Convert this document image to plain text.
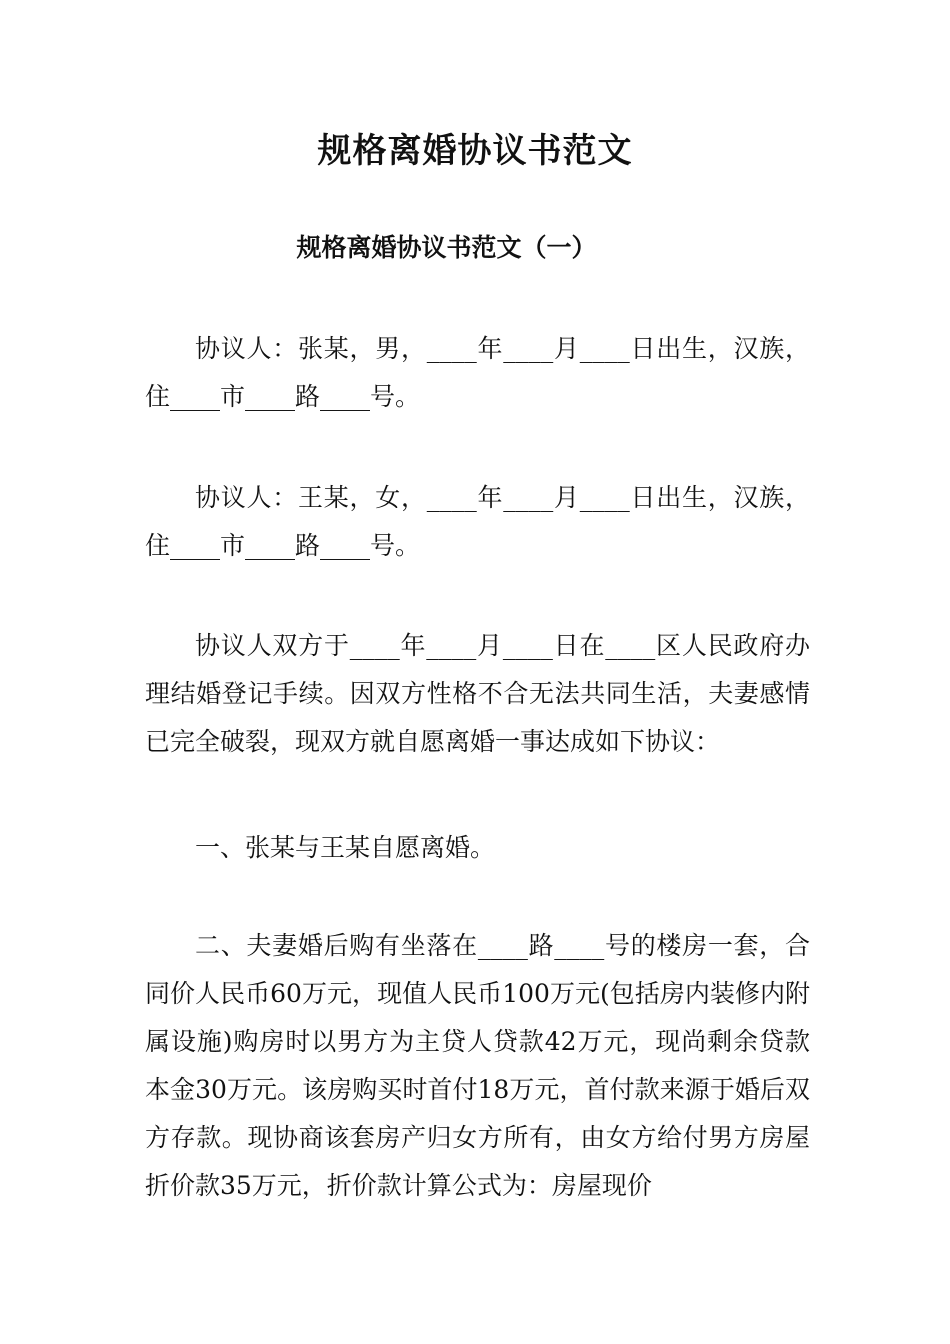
规格离婚协议书范文
规格离婚协议书范文（一）

协议人：张某，男，____年____月____日出生，汉族，住____市____路____号。

协议人：王某，女，____年____月____日出生，汉族，住____市____路____号。

协议人双方于____年____月____日在____区人民政府办理结婚登记手续。因双方性格不合无法共同生活，夫妻感情已完全破裂，现双方就自愿离婚一事达成如下协议：

一、张某与王某自愿离婚。

二、夫妻婚后购有坐落在____路____号的楼房一套，合同价人民币60万元，现值人民币100万元(包括房内装修内附属设施)购房时以男方为主贷人贷款42万元，现尚剩余贷款本金30万元。该房购买时首付18万元，首付款来源于婚后双方存款。现协商该套房产归女方所有，由女方给付男方房屋折价款35万元，折价款计算公式为：房屋现价
